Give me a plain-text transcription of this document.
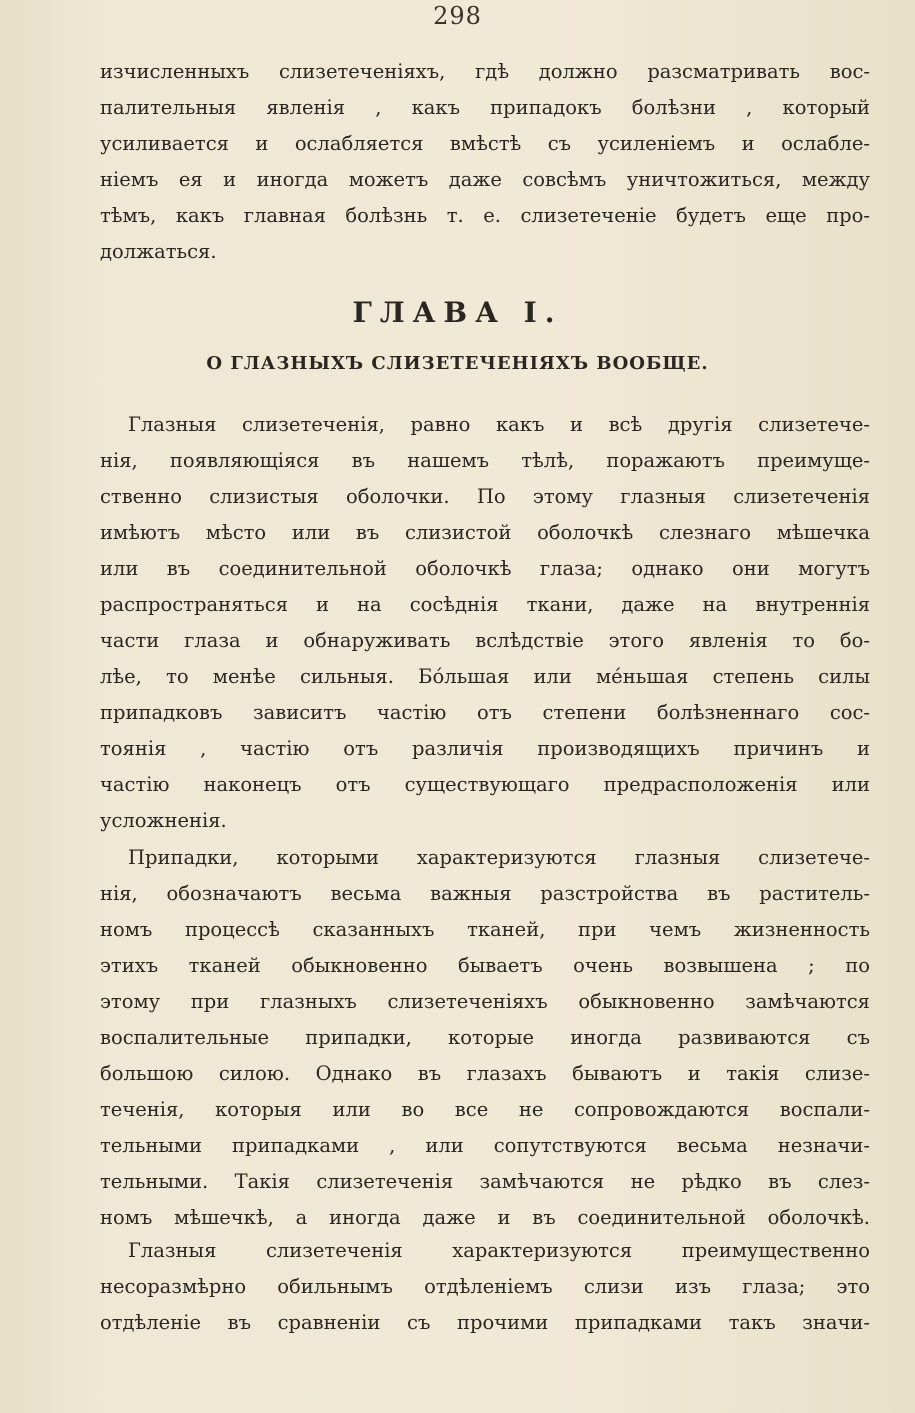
298
изчисленныхъ слизетеченіяхъ, гдѣ должно разсматривать вос-
палительныя явленія , какъ припадокъ болѣзни , который
усиливается и ослабляется вмѣстѣ съ усиленіемъ и ослабле-
ніемъ ея и иногда можетъ даже совсѣмъ уничтожиться, между
тѣмъ, какъ главная болѣзнь т. е. слизетеченіе будетъ еще про-
должаться.
ГЛАВА I.
О ГЛАЗНЫХЪ СЛИЗЕТЕЧЕНІЯХЪ ВООБЩЕ.
Глазныя слизетеченія, равно какъ и всѣ другія слизетече-
нія, появляющіяся въ нашемъ тѣлѣ, поражаютъ преимуще-
ственно слизистыя оболочки. По этому глазныя слизетеченія
имѣютъ мѣсто или въ слизистой оболочкѣ слезнаго мѣшечка
или въ соединительной оболочкѣ глаза; однако они могутъ
распространяться и на сосѣднія ткани, даже на внутреннія
части глаза и обнаруживать вслѣдствіе этого явленія то бо-
лѣе, то менѣе сильныя. Бо́льшая или ме́ньшая степень силы
припадковъ зависитъ частію отъ степени болѣзненнаго сос-
тоянія , частію отъ различія производящихъ причинъ и
частію наконецъ отъ существующаго предрасположенія или
усложненія.
Припадки, которыми характеризуются глазныя слизетече-
нія, обозначаютъ весьма важныя разстройства въ раститель-
номъ процессѣ сказанныхъ тканей, при чемъ жизненность
этихъ тканей обыкновенно бываетъ очень возвышена ; по
этому при глазныхъ слизетеченіяхъ обыкновенно замѣчаются
воспалительные припадки, которые иногда развиваются съ
большою силою. Однако въ глазахъ бываютъ и такія слизе-
теченія, которыя или во все не сопровождаются воспали-
тельными припадками , или сопутствуются весьма незначи-
тельными. Такія слизетеченія замѣчаются не рѣдко въ слез-
номъ мѣшечкѣ, а иногда даже и въ соединительной оболочкѣ.
Глазныя слизетеченія характеризуются преимущественно
несоразмѣрно обильнымъ отдѣленіемъ слизи изъ глаза; это
отдѣленіе въ сравненіи съ прочими припадками такъ значи-
